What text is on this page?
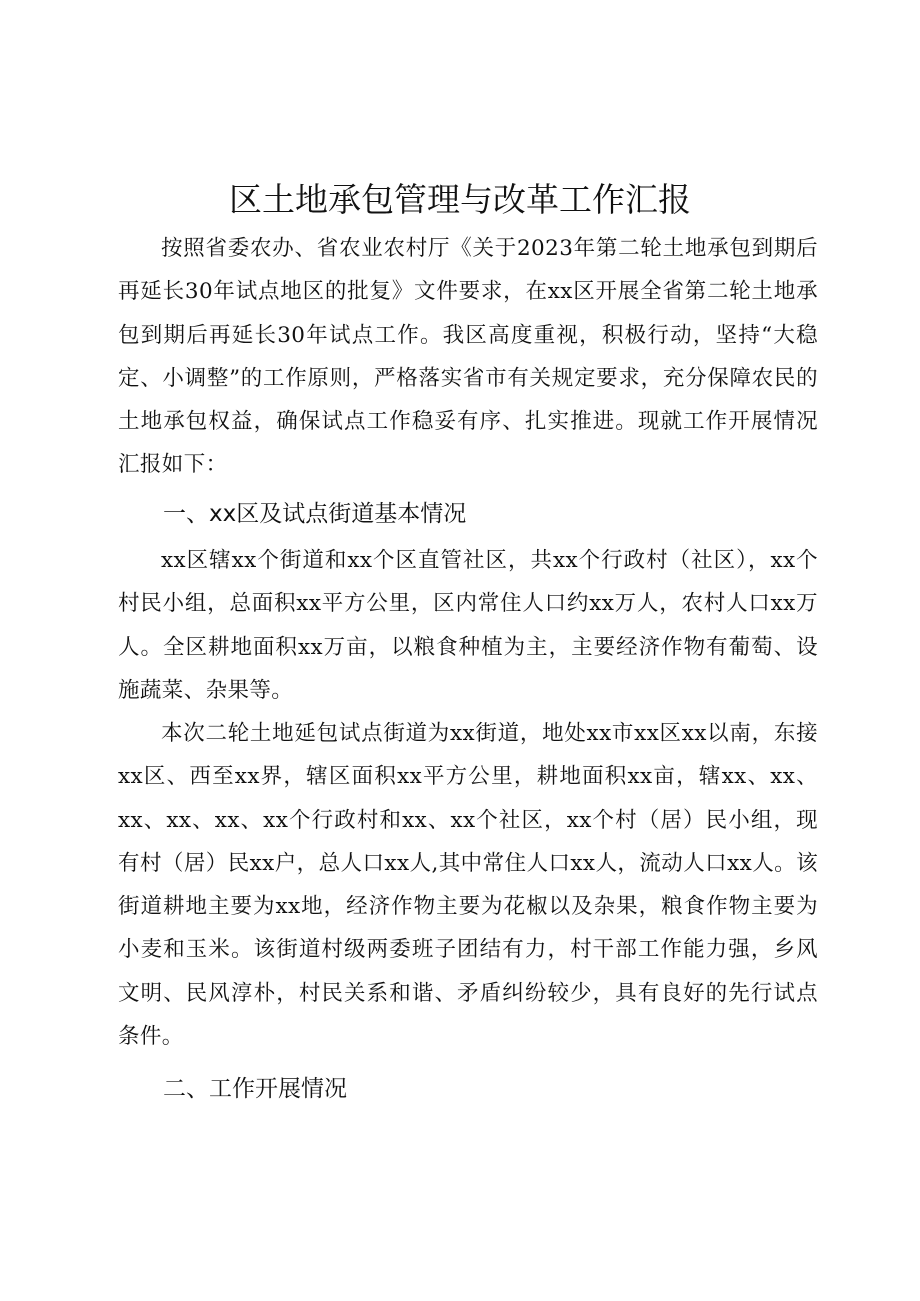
区土地承包管理与改革工作汇报

按照省委农办、省农业农村厅《关于2023年第二轮土地承包到期后再延长30年试点地区的批复》文件要求，在xx区开展全省第二轮土地承包到期后再延长30年试点工作。我区高度重视，积极行动，坚持“大稳定、小调整”的工作原则，严格落实省市有关规定要求，充分保障农民的土地承包权益，确保试点工作稳妥有序、扎实推进。现就工作开展情况汇报如下：

一、xx区及试点街道基本情况

xx区辖xx个街道和xx个区直管社区，共xx个行政村（社区），xx个村民小组，总面积xx平方公里，区内常住人口约xx万人，农村人口xx万人。全区耕地面积xx万亩，以粮食种植为主，主要经济作物有葡萄、设施蔬菜、杂果等。

本次二轮土地延包试点街道为xx街道，地处xx市xx区xx以南，东接xx区、西至xx界，辖区面积xx平方公里，耕地面积xx亩，辖xx、xx、xx、xx、xx、xx个行政村和xx、xx个社区，xx个村（居）民小组，现有村（居）民xx户，总人口xx人,其中常住人口xx人，流动人口xx人。该街道耕地主要为xx地，经济作物主要为花椒以及杂果，粮食作物主要为小麦和玉米。该街道村级两委班子团结有力，村干部工作能力强，乡风文明、民风淳朴，村民关系和谐、矛盾纠纷较少，具有良好的先行试点条件。

二、工作开展情况
